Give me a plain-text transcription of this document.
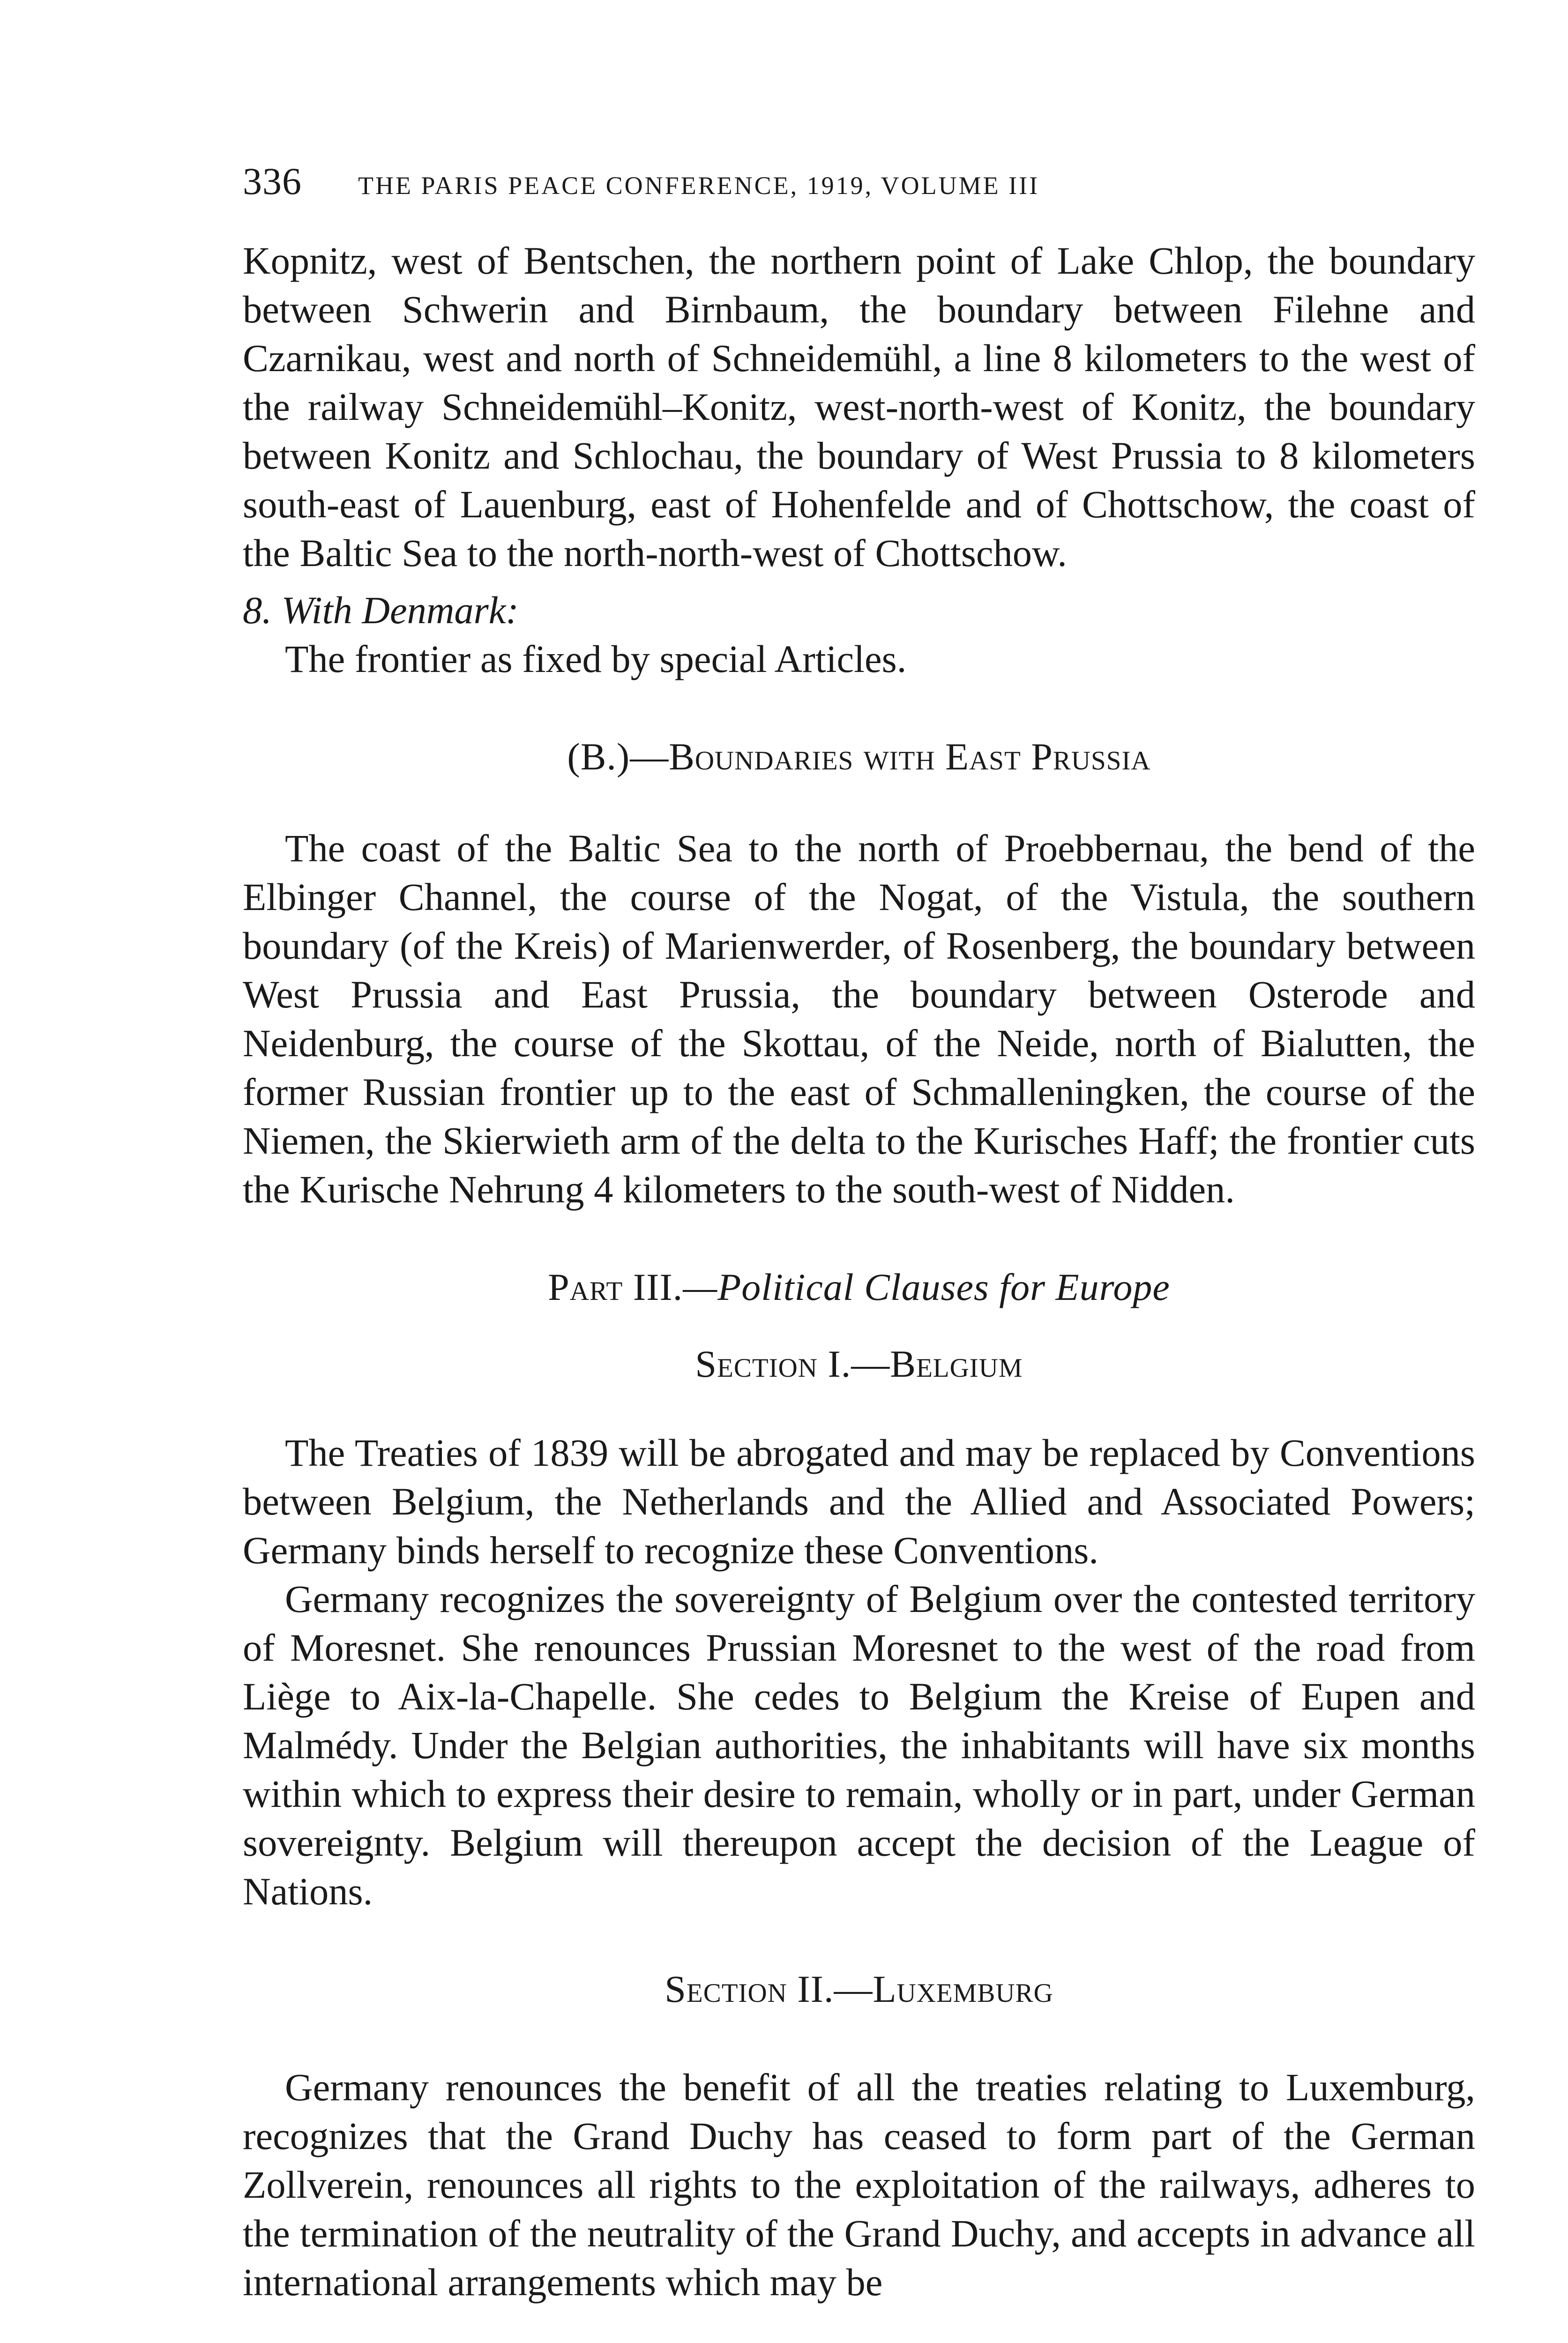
336 THE PARIS PEACE CONFERENCE, 1919, VOLUME III

Kopnitz, west of Bentschen, the northern point of Lake Chlop, the boundary between Schwerin and Birnbaum, the boundary between Filehne and Czarnikau, west and north of Schneidemühl, a line 8 kilometers to the west of the railway Schneidemühl–Konitz, west-north-west of Konitz, the boundary between Konitz and Schlochau, the boundary of West Prussia to 8 kilometers south-east of Lauenburg, east of Hohenfelde and of Chottschow, the coast of the Baltic Sea to the north-north-west of Chottschow.

8. With Denmark:
The frontier as fixed by special Articles.
(B.)—Boundaries with East Prussia

The coast of the Baltic Sea to the north of Proebbernau, the bend of the Elbinger Channel, the course of the Nogat, of the Vistula, the southern boundary (of the Kreis) of Marienwerder, of Rosenberg, the boundary between West Prussia and East Prussia, the boundary between Osterode and Neidenburg, the course of the Skottau, of the Neide, north of Bialutten, the former Russian frontier up to the east of Schmalleningken, the course of the Niemen, the Skierwieth arm of the delta to the Kurisches Haff; the frontier cuts the Kurische Nehrung 4 kilometers to the south-west of Nidden.

Part III.—Political Clauses for Europe
Section I.—Belgium

The Treaties of 1839 will be abrogated and may be replaced by Conventions between Belgium, the Netherlands and the Allied and Associated Powers; Germany binds herself to recognize these Conventions.

Germany recognizes the sovereignty of Belgium over the contested territory of Moresnet. She renounces Prussian Moresnet to the west of the road from Liège to Aix-la-Chapelle. She cedes to Belgium the Kreise of Eupen and Malmédy. Under the Belgian authorities, the inhabitants will have six months within which to express their desire to remain, wholly or in part, under German sovereignty. Belgium will thereupon accept the decision of the League of Nations.

Section II.—Luxemburg

Germany renounces the benefit of all the treaties relating to Luxemburg, recognizes that the Grand Duchy has ceased to form part of the German Zollverein, renounces all rights to the exploitation of the railways, adheres to the termination of the neutrality of the Grand Duchy, and accepts in advance all international arrangements which may be
